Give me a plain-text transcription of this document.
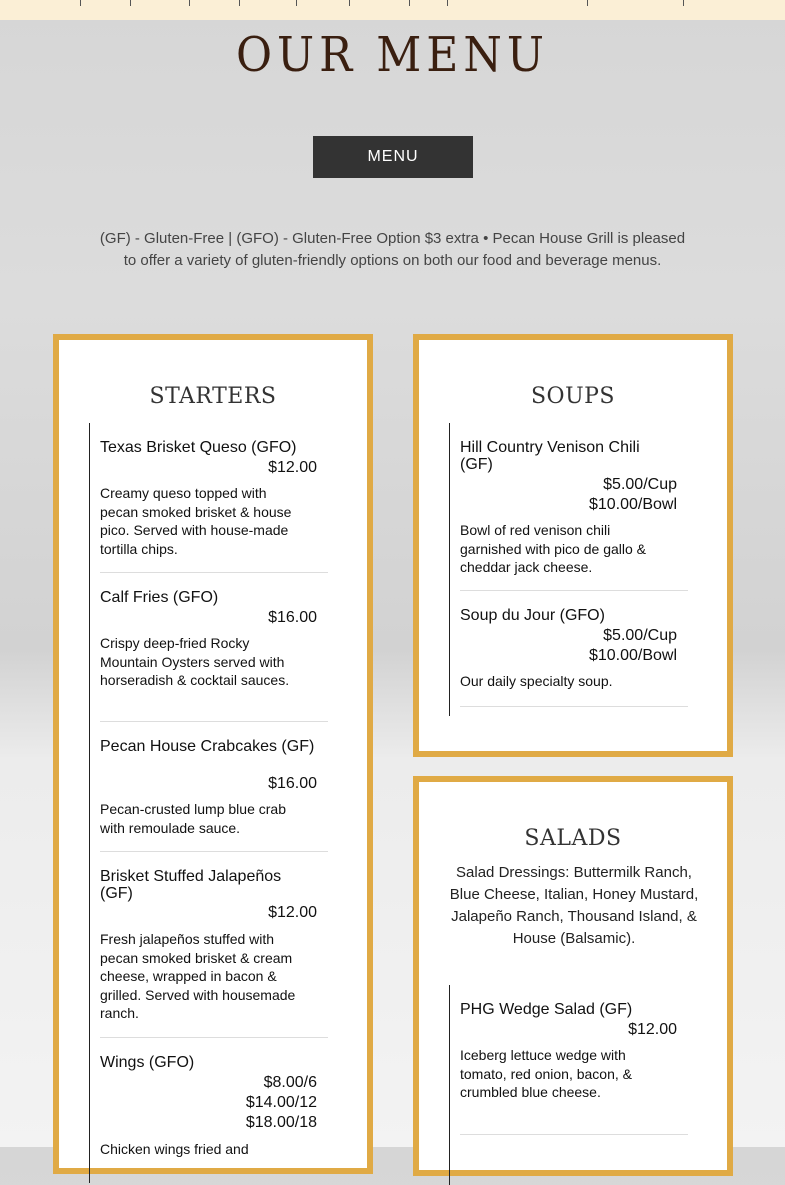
OUR MENU
MENU
(GF) - Gluten-Free | (GFO) - Gluten-Free Option $3 extra • Pecan House Grill is pleased to offer a variety of gluten-friendly options on both our food and beverage menus.
STARTERS
Texas Brisket Queso (GFO)
$12.00
Creamy queso topped with pecan smoked brisket & house pico. Served with house-made tortilla chips.
Calf Fries (GFO)
$16.00
Crispy deep-fried Rocky Mountain Oysters served with horseradish & cocktail sauces.
Pecan House Crabcakes (GF)
$16.00
Pecan-crusted lump blue crab with remoulade sauce.
Brisket Stuffed Jalapeños (GF)
$12.00
Fresh jalapeños stuffed with pecan smoked brisket & cream cheese, wrapped in bacon & grilled. Served with housemade ranch.
Wings (GFO)
$8.00/6
$14.00/12
$18.00/18
Chicken wings fried and
SOUPS
Hill Country Venison Chili (GF)
$5.00/Cup
$10.00/Bowl
Bowl of red venison chili garnished with pico de gallo & cheddar jack cheese.
Soup du Jour (GFO)
$5.00/Cup
$10.00/Bowl
Our daily specialty soup.
SALADS
Salad Dressings: Buttermilk Ranch, Blue Cheese, Italian, Honey Mustard, Jalapeño Ranch, Thousand Island, & House (Balsamic).
PHG Wedge Salad (GF)
$12.00
Iceberg lettuce wedge with tomato, red onion, bacon, & crumbled blue cheese.
